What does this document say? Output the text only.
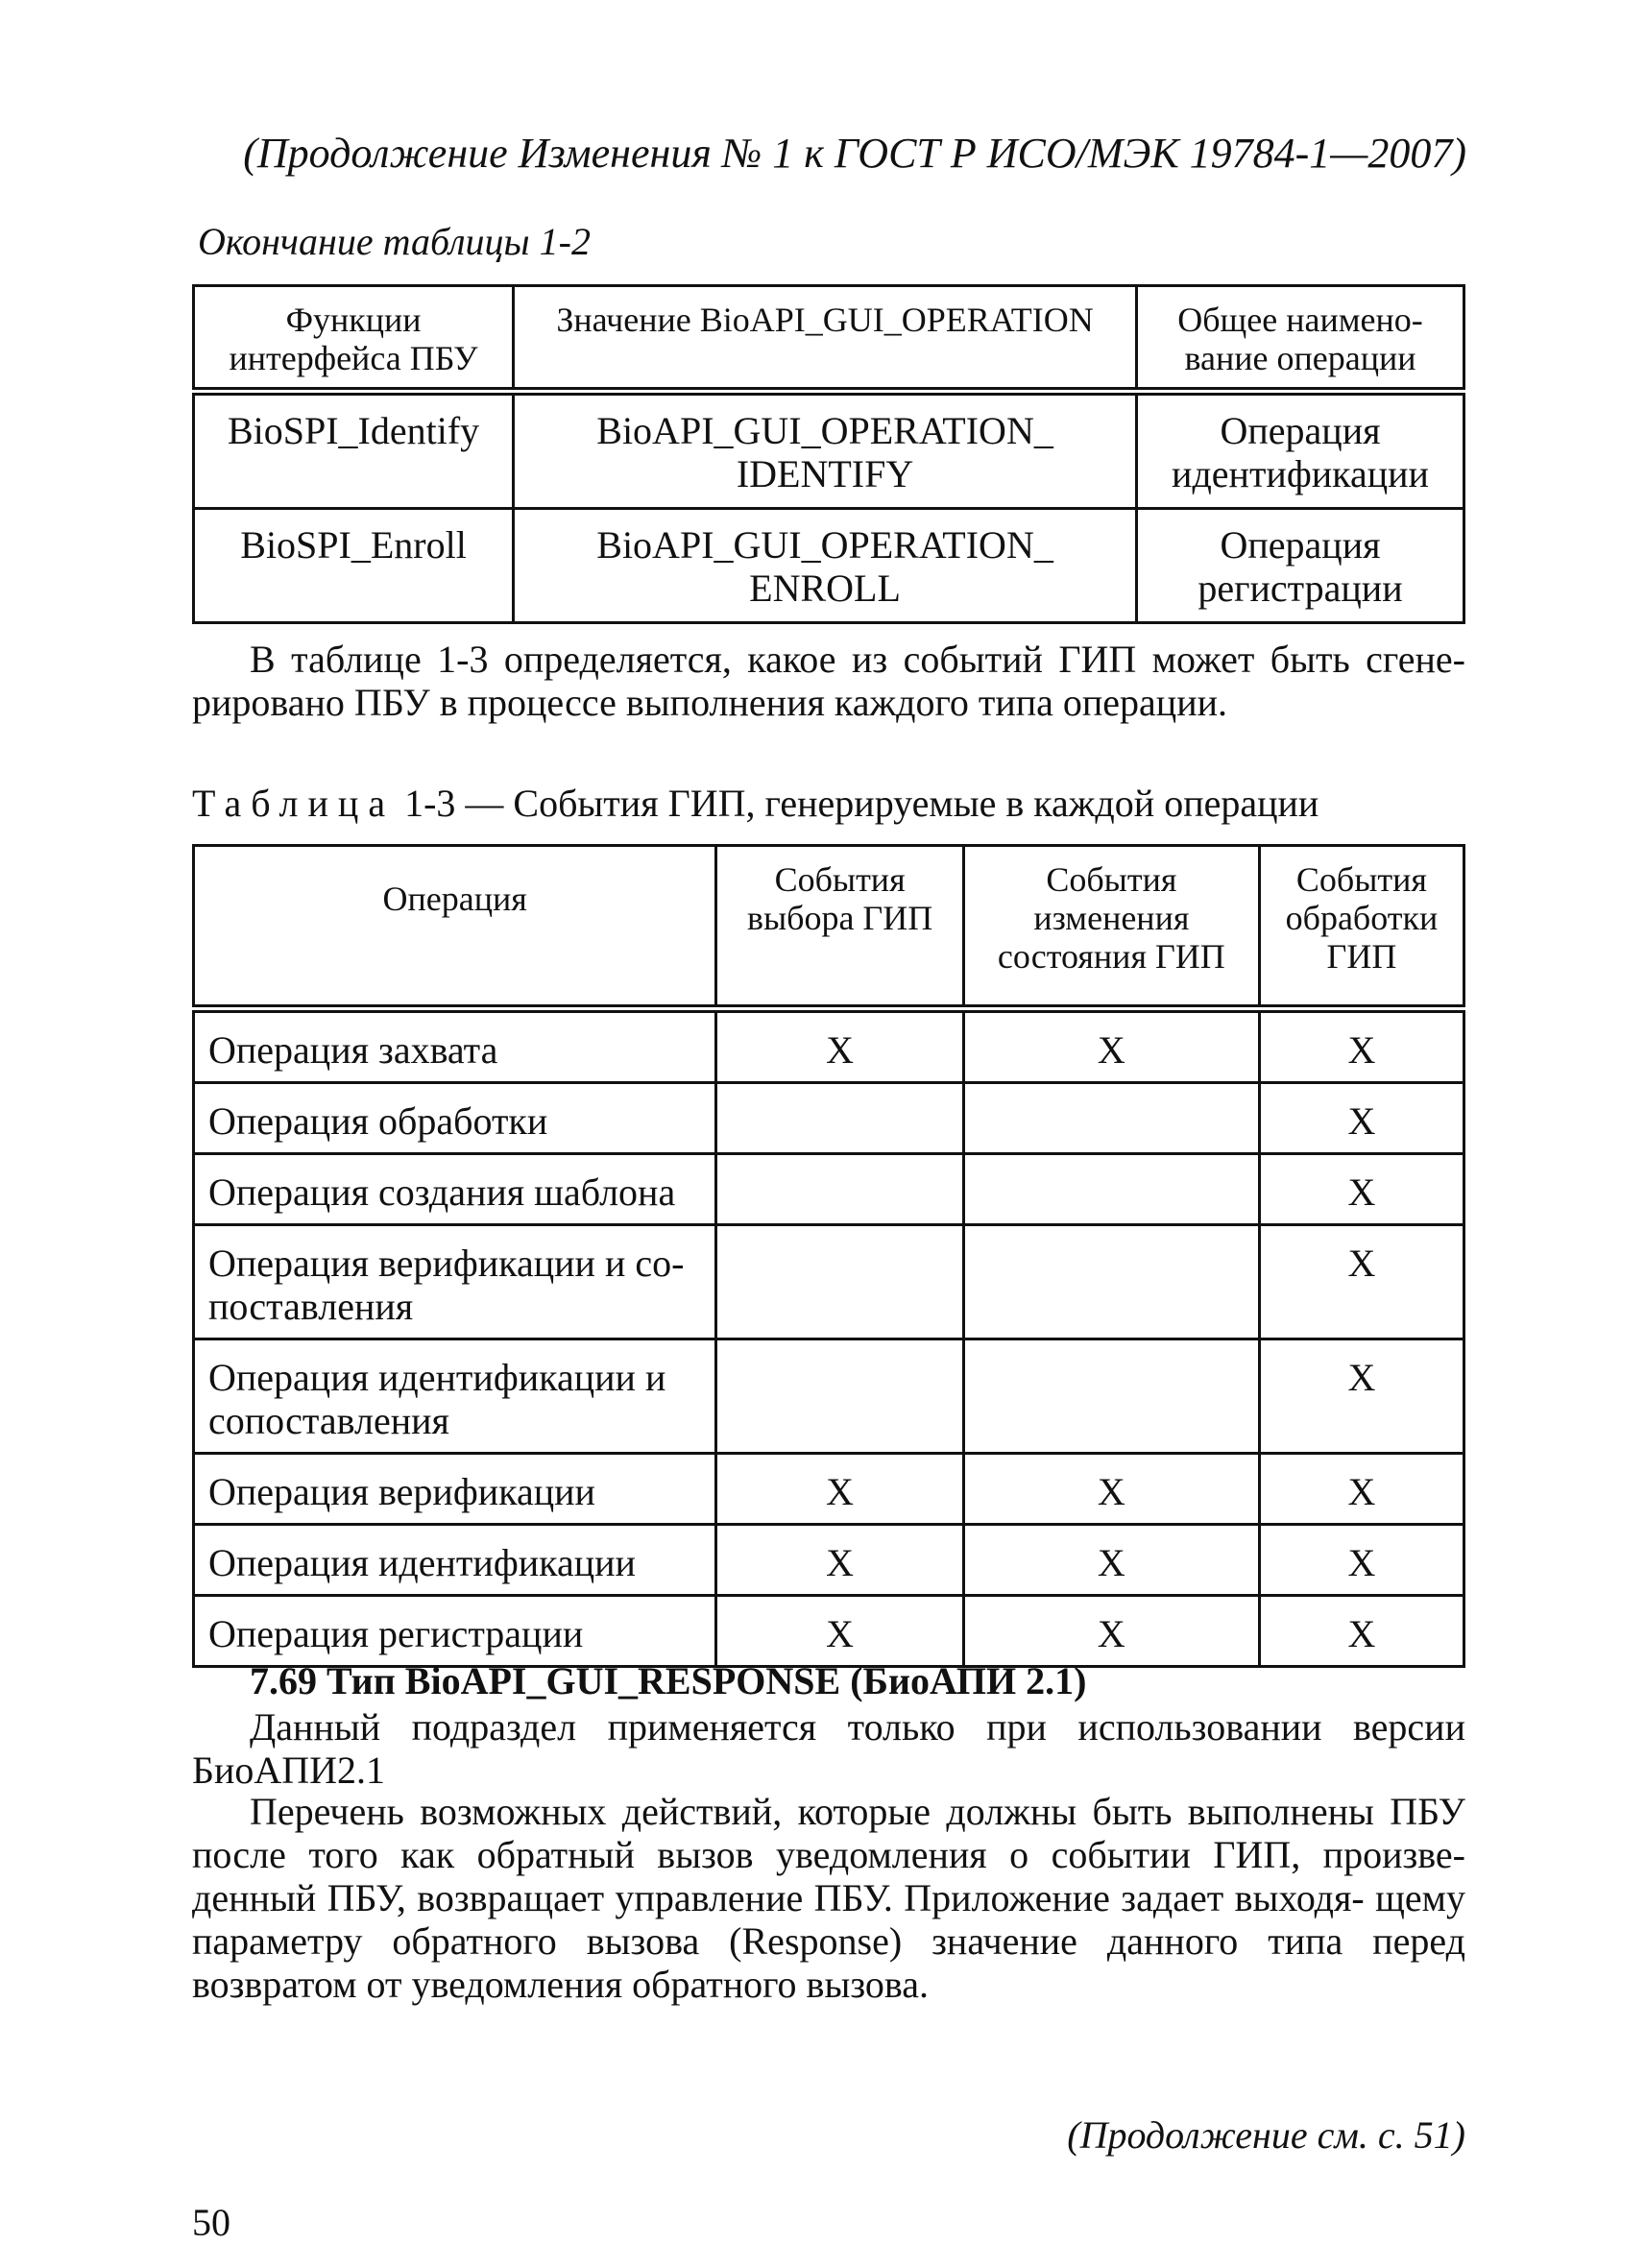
(Продолжение Изменения № 1 к ГОСТ Р ИСО/МЭК 19784-1—2007)
Окончание таблицы 1-2
Функции интерфейса ПБУ	Значение BioAPI_GUI_OPERATION	Общее наимено- вание операции
BioSPI_Identify	BioAPI_GUI_OPERATION_ IDENTIFY	Операция идентификации
BioSPI_Enroll	BioAPI_GUI_OPERATION_ ENROLL	Операция регистрации

В таблице 1-3 определяется, какое из событий ГИП может быть сгене- рировано ПБУ в процессе выполнения каждого типа операции.

Таблица 1-3 — События ГИП, генерируемые в каждой операции
Операция	События выбора ГИП	События изменения состояния ГИП	События обработки ГИП
Операция захвата	X	X	X
Операция обработки			X
Операция создания шаблона			X
Операция верификации и со- поставления			X
Операция идентификации и сопоставления			X
Операция верификации	X	X	X
Операция идентификации	X	X	X
Операция регистрации	X	X	X
7.69 Тип BioAPI_GUI_RESPONSE (БиоАПИ 2.1)

Данный подраздел применяется только при использовании версии БиоАПИ2.1

Перечень возможных действий, которые должны быть выполнены ПБУ после того как обратный вызов уведомления о событии ГИП, произве- денный ПБУ, возвращает управление ПБУ. Приложение задает выходя- щему параметру обратного вызова (Response) значение данного типа перед возвратом от уведомления обратного вызова.

(Продолжение см. с. 51)
50
